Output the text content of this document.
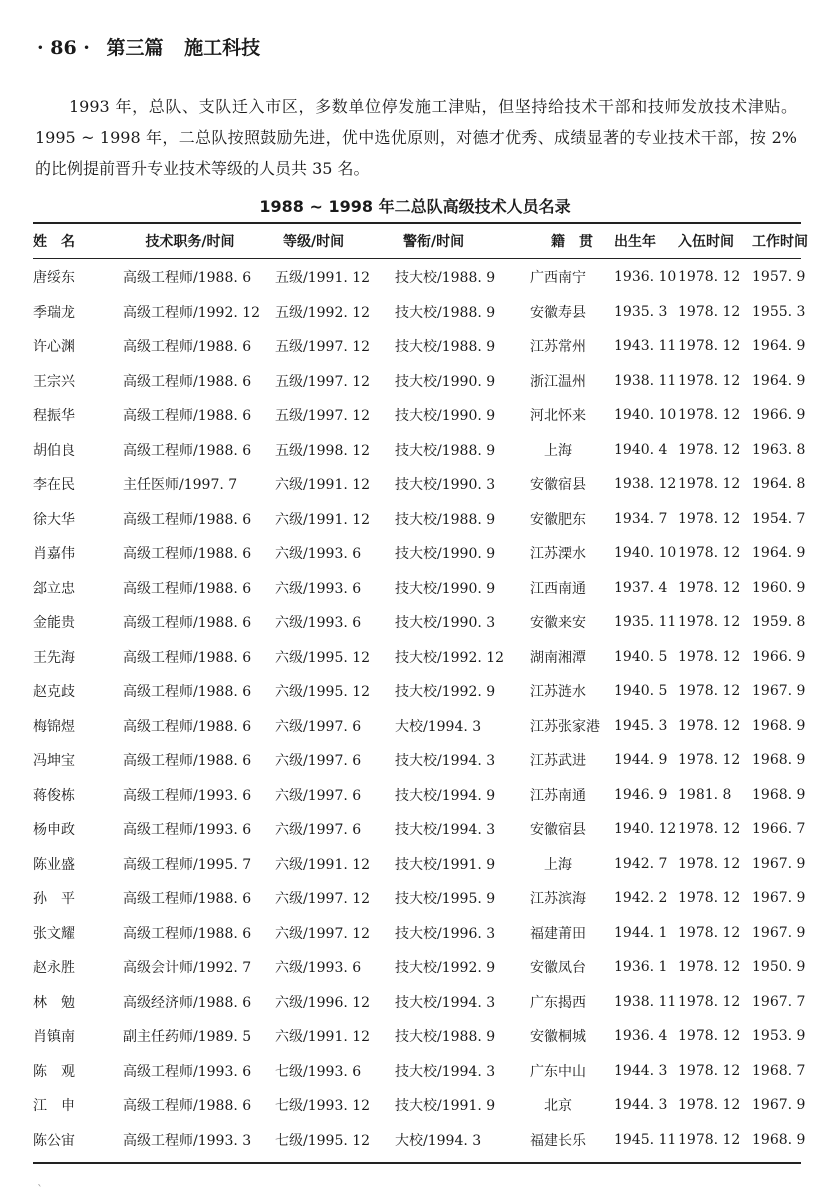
· 86 · 第三篇 施工科技

1993 年，总队、支队迁入市区，多数单位停发施工津贴，但坚持给技术干部和技师发放技术津贴。1995 ~ 1998 年，二总队按照鼓励先进，优中选优原则，对德才优秀、成绩显著的专业技术干部，按 2% 的比例提前晋升专业技术等级的人员共 35 名。

1988 ~ 1998 年二总队高级技术人员名录
姓　名	技术职务/时间	等级/时间	警衔/时间	籍　贯	出生年	入伍时间	工作时间
唐绥东	高级工程师/1988. 6	五级/1991. 12	技大校/1988. 9	广西南宁	1936. 10	1978. 12	1957. 9
季瑞龙	高级工程师/1992. 12	五级/1992. 12	技大校/1988. 9	安徽寿县	1935. 3	1978. 12	1955. 3
许心渊	高级工程师/1988. 6	五级/1997. 12	技大校/1988. 9	江苏常州	1943. 11	1978. 12	1964. 9
王宗兴	高级工程师/1988. 6	五级/1997. 12	技大校/1990. 9	浙江温州	1938. 11	1978. 12	1964. 9
程振华	高级工程师/1988. 6	五级/1997. 12	技大校/1990. 9	河北怀来	1940. 10	1978. 12	1966. 9
胡伯良	高级工程师/1988. 6	五级/1998. 12	技大校/1988. 9	　上海	1940. 4	1978. 12	1963. 8
李在民	主任医师/1997. 7	六级/1991. 12	技大校/1990. 3	安徽宿县	1938. 12	1978. 12	1964. 8
徐大华	高级工程师/1988. 6	六级/1991. 12	技大校/1988. 9	安徽肥东	1934. 7	1978. 12	1954. 7
肖嘉伟	高级工程师/1988. 6	六级/1993. 6	技大校/1990. 9	江苏溧水	1940. 10	1978. 12	1964. 9
郐立忠	高级工程师/1988. 6	六级/1993. 6	技大校/1990. 9	江西南通	1937. 4	1978. 12	1960. 9
金能贵	高级工程师/1988. 6	六级/1993. 6	技大校/1990. 3	安徽来安	1935. 11	1978. 12	1959. 8
王先海	高级工程师/1988. 6	六级/1995. 12	技大校/1992. 12	湖南湘潭	1940. 5	1978. 12	1966. 9
赵克歧	高级工程师/1988. 6	六级/1995. 12	技大校/1992. 9	江苏涟水	1940. 5	1978. 12	1967. 9
梅锦煜	高级工程师/1988. 6	六级/1997. 6	大校/1994. 3	江苏张家港	1945. 3	1978. 12	1968. 9
冯坤宝	高级工程师/1988. 6	六级/1997. 6	技大校/1994. 3	江苏武进	1944. 9	1978. 12	1968. 9
蒋俊栋	高级工程师/1993. 6	六级/1997. 6	技大校/1994. 9	江苏南通	1946. 9	1981. 8	1968. 9
杨申政	高级工程师/1993. 6	六级/1997. 6	技大校/1994. 3	安徽宿县	1940. 12	1978. 12	1966. 7
陈业盛	高级工程师/1995. 7	六级/1991. 12	技大校/1991. 9	　上海	1942. 7	1978. 12	1967. 9
孙　平	高级工程师/1988. 6	六级/1997. 12	技大校/1995. 9	江苏滨海	1942. 2	1978. 12	1967. 9
张文耀	高级工程师/1988. 6	六级/1997. 12	技大校/1996. 3	福建莆田	1944. 1	1978. 12	1967. 9
赵永胜	高级会计师/1992. 7	六级/1993. 6	技大校/1992. 9	安徽凤台	1936. 1	1978. 12	1950. 9
林　勉	高级经济师/1988. 6	六级/1996. 12	技大校/1994. 3	广东揭西	1938. 11	1978. 12	1967. 7
肖镇南	副主任药师/1989. 5	六级/1991. 12	技大校/1988. 9	安徽桐城	1936. 4	1978. 12	1953. 9
陈　观	高级工程师/1993. 6	七级/1993. 6	技大校/1994. 3	广东中山	1944. 3	1978. 12	1968. 7
江　申	高级工程师/1988. 6	七级/1993. 12	技大校/1991. 9	　北京	1944. 3	1978. 12	1967. 9
陈公宙	高级工程师/1993. 3	七级/1995. 12	大校/1994. 3	福建长乐	1945. 11	1978. 12	1968. 9
`
